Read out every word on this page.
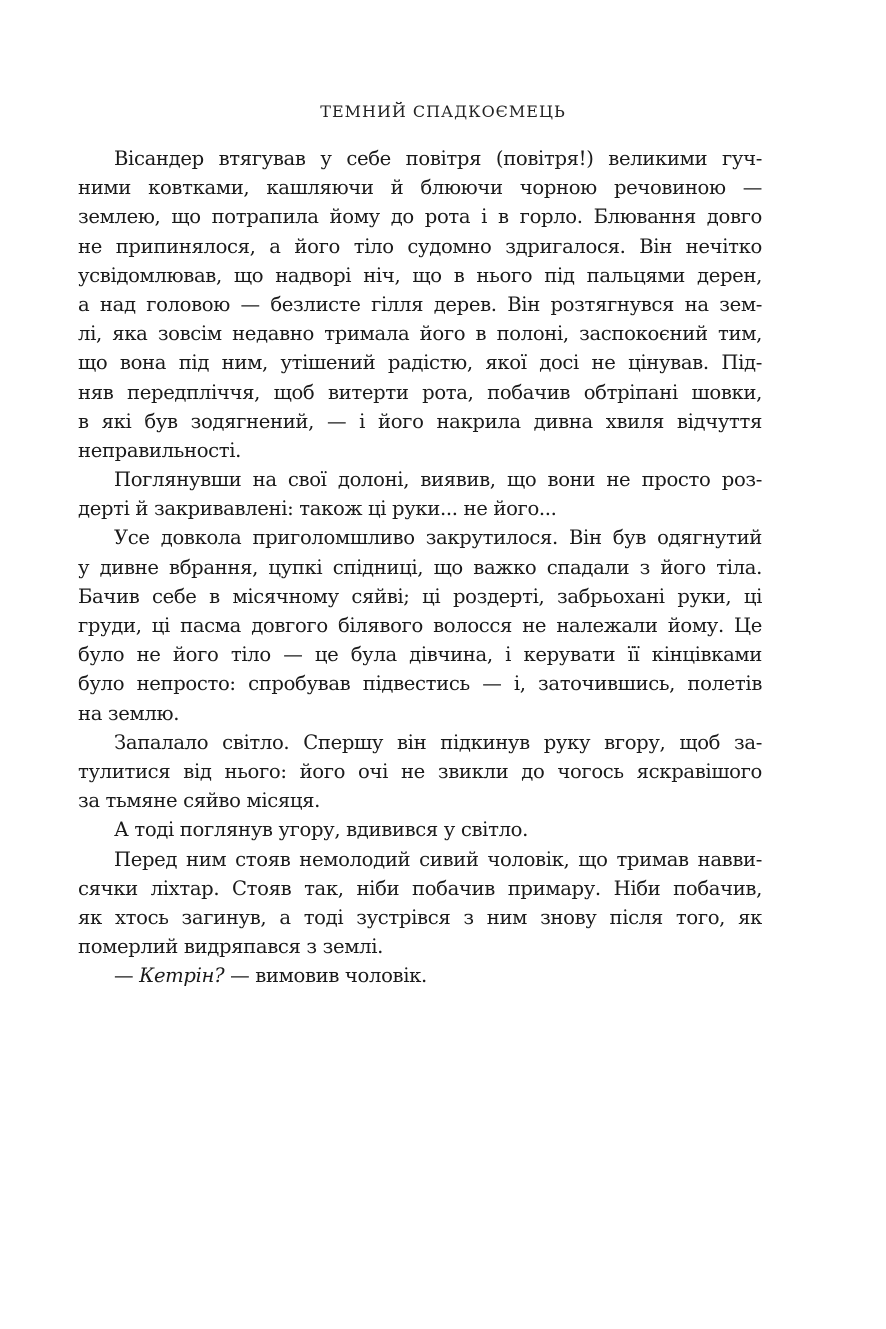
ТЕМНИЙ СПАДКОЄМЕЦЬ
Вісандер втягував у себе повітря (повітря!) великими гуч-
ними ковтками, кашляючи й блюючи чорною речовиною —
землею, що потрапила йому до рота і в горло. Блювання довго
не припинялося, а його тіло судомно здригалося. Він нечітко
усвідомлював, що надворі ніч, що в нього під пальцями дерен,
а над головою — безлисте гілля дерев. Він розтягнувся на зем-
лі, яка зовсім недавно тримала його в полоні, заспокоєний тим,
що вона під ним, утішений радістю, якої досі не цінував. Під-
няв передпліччя, щоб витерти рота, побачив обтріпані шовки,
в які був зодягнений, — і його накрила дивна хвиля відчуття
неправильності.
Поглянувши на свої долоні, виявив, що вони не просто роз-
дерті й закривавлені: також ці руки... не його...
Усе довкола приголомшливо закрутилося. Він був одягнутий
у дивне вбрання, цупкі спідниці, що важко спадали з його тіла.
Бачив себе в місячному сяйві; ці роздерті, забрьохані руки, ці
груди, ці пасма довгого білявого волосся не належали йому. Це
було не його тіло — це була дівчина, і керувати її кінцівками
було непросто: спробував підвестись — і, заточившись, полетів
на землю.
Запалало світло. Спершу він підкинув руку вгору, щоб за-
тулитися від нього: його очі не звикли до чогось яскравішого
за тьмяне сяйво місяця.
А тоді поглянув угору, вдивився у світло.
Перед ним стояв немолодий сивий чоловік, що тримав навви-
сячки ліхтар. Стояв так, ніби побачив примару. Ніби побачив,
як хтось загинув, а тоді зустрівся з ним знову після того, як
померлий видряпався з землі.
— Кетрін? — вимовив чоловік.
